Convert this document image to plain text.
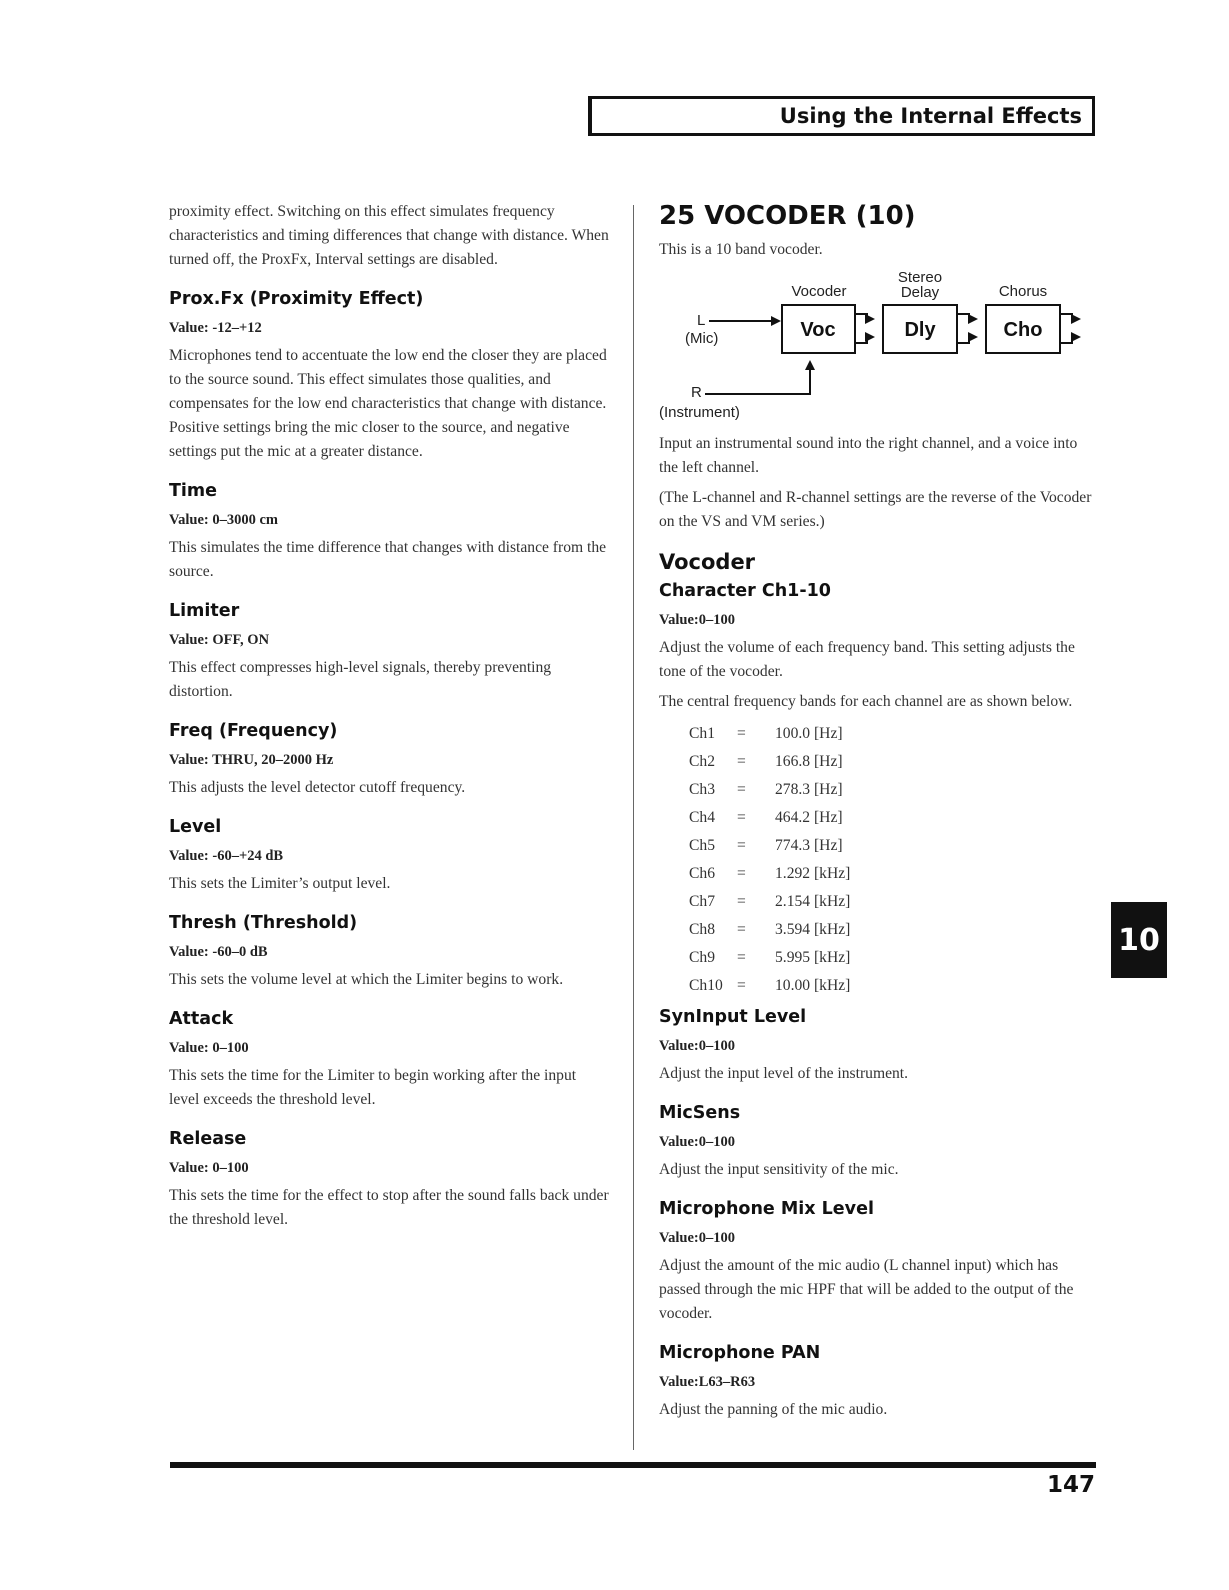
Using the Internal Effects

proximity effect. Switching on this effect simulates frequency characteristics and timing differences that change with distance. When turned off, the ProxFx, Interval settings are disabled.

Prox.Fx (Proximity Effect)
Value: -12–+12

Microphones tend to accentuate the low end the closer they are placed to the source sound. This effect simulates those qualities, and compensates for the low end characteristics that change with distance. Positive settings bring the mic closer to the source, and negative settings put the mic at a greater distance.

Time
Value: 0–3000 cm

This simulates the time difference that changes with distance from the source.

Limiter
Value: OFF, ON

This effect compresses high-level signals, thereby preventing distortion.

Freq (Frequency)
Value: THRU, 20–2000 Hz

This adjusts the level detector cutoff frequency.

Level
Value: -60–+24 dB

This sets the Limiter’s output level.

Thresh (Threshold)
Value: -60–0 dB

This sets the volume level at which the Limiter begins to work.

Attack
Value: 0–100

This sets the time for the Limiter to begin working after the input level exceeds the threshold level.

Release
Value: 0–100

This sets the time for the effect to stop after the sound falls back under the threshold level.

25 VOCODER (10)

This is a 10 band vocoder.

Vocoder
Stereo
Delay	Chorus
L
(Mic)
R
(Instrument)
Voc	Dly	Cho

Input an instrumental sound into the right channel, and a voice into the left channel.

(The L-channel and R-channel settings are the reverse of the Vocoder on the VS and VM series.)

Vocoder
Character Ch1-10
Value:0–100

Adjust the volume of each frequency band. This setting adjusts the tone of the vocoder.

The central frequency bands for each channel are as shown below.

Ch1	=	100.0 [Hz]
Ch2	=	166.8 [Hz]
Ch3	=	278.3 [Hz]
Ch4	=	464.2 [Hz]
Ch5	=	774.3 [Hz]
Ch6	=	1.292 [kHz]
Ch7	=	2.154 [kHz]
Ch8	=	3.594 [kHz]
Ch9	=	5.995 [kHz]
Ch10	=	10.00 [kHz]
SynInput Level
Value:0–100

Adjust the input level of the instrument.

MicSens
Value:0–100

Adjust the input sensitivity of the mic.

Microphone Mix Level
Value:0–100

Adjust the amount of the mic audio (L channel input) which has passed through the mic HPF that will be added to the output of the vocoder.

Microphone PAN
Value:L63–R63

Adjust the panning of the mic audio.

10
147
